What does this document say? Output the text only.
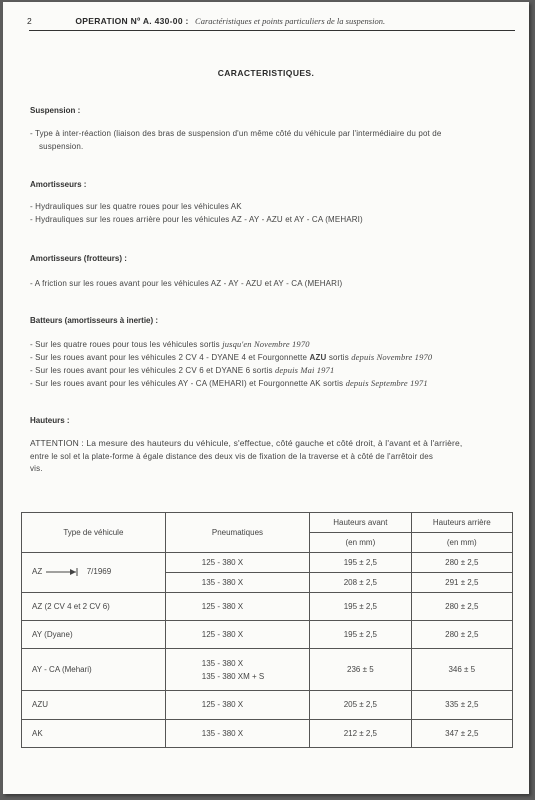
2	OPERATION Nº A. 430-00 : Caractéristiques et points particuliers de la suspension.
CARACTERISTIQUES.
Suspension :
- Type à inter-réaction (liaison des bras de suspension d'un même côté du véhicule par l'intermédiaire du pot de
suspension.
Amortisseurs :
- Hydrauliques sur les quatre roues pour les véhicules AK
- Hydrauliques sur les roues arrière pour les véhicules AZ - AY - AZU et AY - CA (MEHARI)
Amortisseurs (frotteurs) :
- A friction sur les roues avant pour les véhicules AZ - AY - AZU et AY - CA (MEHARI)
Batteurs (amortisseurs à inertie) :
- Sur les quatre roues pour tous les véhicules sortis jusqu'en Novembre 1970
- Sur les roues avant pour les véhicules 2 CV 4 - DYANE 4 et Fourgonnette AZU sortis depuis Novembre 1970
- Sur les roues avant pour les véhicules 2 CV 6 et DYANE 6 sortis depuis Mai 1971
- Sur les roues avant pour les véhicules AY - CA (MEHARI) et Fourgonnette AK sortis depuis Septembre 1971
Hauteurs :
ATTENTION : La mesure des hauteurs du véhicule, s'effectue, côté gauche et côté droit, à l'avant et à l'arrière,
entre le sol et la plate-forme à égale distance des deux vis de fixation de la traverse et à côté de l'arrêtoir des
vis.
Type de véhicule	Pneumatiques	Hauteurs avant	Hauteurs arrière
		(en mm)	(en mm)
AZ 7/1969	125 - 380 X	195 ± 2,5	280 ± 2,5
	135 - 380 X	208 ± 2,5	291 ± 2,5
AZ (2 CV 4 et 2 CV 6)	125 - 380 X	195 ± 2,5	280 ± 2,5
AY (Dyane)	125 - 380 X	195 ± 2,5	280 ± 2,5
AY - CA (Mehari)	135 - 380 X
135 - 380 XM + S	236 ± 5	346 ± 5
AZU	125 - 380 X	205 ± 2,5	335 ± 2,5
AK	135 - 380 X	212 ± 2,5	347 ± 2,5
